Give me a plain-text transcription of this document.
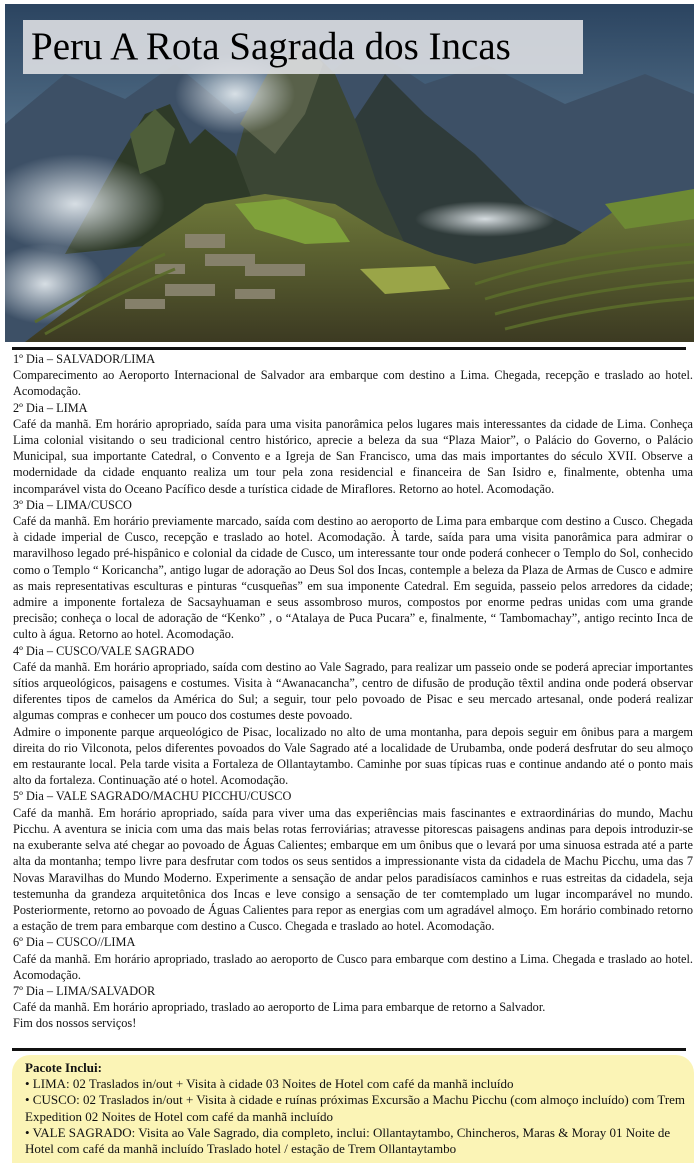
Peru A Rota Sagrada dos Incas

1º Dia – SALVADOR/LIMA

Comparecimento ao Aeroporto Internacional de Salvador ara embarque com destino a Lima. Chegada, recepção e traslado ao hotel. Acomodação.

2º Dia – LIMA

Café da manhã. Em horário apropriado, saída para uma visita panorâmica pelos lugares mais interessantes da cidade de Lima. Conheça Lima colonial visitando o seu tradicional centro histórico, aprecie a beleza da sua “Plaza Maior”, o Palácio do Governo, o Palácio Municipal, sua importante Catedral, o Convento e a Igreja de San Francisco, uma das mais importantes do século XVII. Observe a modernidade da cidade enquanto realiza um tour pela zona residencial e financeira de San Isidro e, finalmente, obtenha uma incomparável vista do Oceano Pacífico desde a turística cidade de Miraflores. Retorno ao hotel. Acomodação.

3º Dia – LIMA/CUSCO

Café da manhã. Em horário previamente marcado, saída com destino ao aeroporto de Lima para embarque com destino a Cusco. Chegada à cidade imperial de Cusco, recepção e traslado ao hotel. Acomodação. À tarde, saída para uma visita panorâmica para admirar o maravilhoso legado pré-hispânico e colonial da cidade de Cusco, um interessante tour onde poderá conhecer o Templo do Sol, conhecido como o Templo “ Koricancha”, antigo lugar de adoração ao Deus Sol dos Incas, contemple a beleza da Plaza de Armas de Cusco e admire as mais representativas esculturas e pinturas “cusqueñas” em sua imponente Catedral. Em seguida, passeio pelos arredores da cidade; admire a imponente fortaleza de Sacsayhuaman e seus assombroso muros, compostos por enorme pedras unidas com uma grande precisão; conheça o local de adoração de “Kenko” , o “Atalaya de Puca Pucara” e, finalmente, “ Tambomachay”, antigo recinto Inca de culto à água. Retorno ao hotel. Acomodação.

4º Dia – CUSCO/VALE SAGRADO

Café da manhã. Em horário apropriado, saída com destino ao Vale Sagrado, para realizar um passeio onde se poderá apreciar importantes sítios arqueológicos, paisagens e costumes. Visita à “Awanacancha”, centro de difusão de produção têxtil andina onde poderá observar diferentes tipos de camelos da América do Sul; a seguir, tour pelo povoado de Pisac e seu mercado artesanal, onde poderá realizar algumas compras e conhecer um pouco dos costumes deste povoado.

Admire o imponente parque arqueológico de Pisac, localizado no alto de uma montanha, para depois seguir em ônibus para a margem direita do rio Vilconota, pelos diferentes povoados do Vale Sagrado até a localidade de Urubamba, onde poderá desfrutar do seu almoço em restaurante local. Pela tarde visita a Fortaleza de Ollantaytambo. Caminhe por suas típicas ruas e continue andando até o ponto mais alto da fortaleza. Continuação até o hotel. Acomodação.

5º Dia – VALE SAGRADO/MACHU PICCHU/CUSCO

Café da manhã. Em horário apropriado, saída para viver uma das experiências mais fascinantes e extraordinárias do mundo, Machu Picchu. A aventura se inicia com uma das mais belas rotas ferroviárias; atravesse pitorescas paisagens andinas para depois introduzir-se na exuberante selva até chegar ao povoado de Águas Calientes; embarque em um ônibus que o levará por uma sinuosa estrada até a parte alta da montanha; tempo livre para desfrutar com todos os seus sentidos a impressionante vista da cidadela de Machu Picchu, uma das 7 Novas Maravilhas do Mundo Moderno. Experimente a sensação de andar pelos paradisíacos caminhos e ruas estreitas da cidadela, seja testemunha da grandeza arquitetônica dos Incas e leve consigo a sensação de ter comtemplado um lugar incomparável no mundo. Posteriormente, retorno ao povoado de Águas Calientes para repor as energias com um agradável almoço. Em horário combinado retorno a estação de trem para embarque com destino a Cusco. Chegada e traslado ao hotel. Acomodação.

6º Dia – CUSCO//LIMA

Café da manhã. Em horário apropriado, traslado ao aeroporto de Cusco para embarque com destino a Lima. Chegada e traslado ao hotel. Acomodação.

7º Dia – LIMA/SALVADOR

Café da manhã. Em horário apropriado, traslado ao aeroporto de Lima para embarque de retorno a Salvador.

Fim dos nossos serviços!

Pacote Inclui:

• LIMA: 02 Traslados in/out + Visita à cidade 03 Noites de Hotel com café da manhã incluído

• CUSCO: 02 Traslados in/out + Visita à cidade e ruínas próximas Excursão a Machu Picchu (com almoço incluído) com Trem Expedition 02 Noites de Hotel com café da manhã incluído

• VALE SAGRADO: Visita ao Vale Sagrado, dia completo, inclui: Ollantaytambo, Chincheros, Maras & Moray 01 Noite de Hotel com café da manhã incluído Traslado hotel / estação de Trem Ollantaytambo
